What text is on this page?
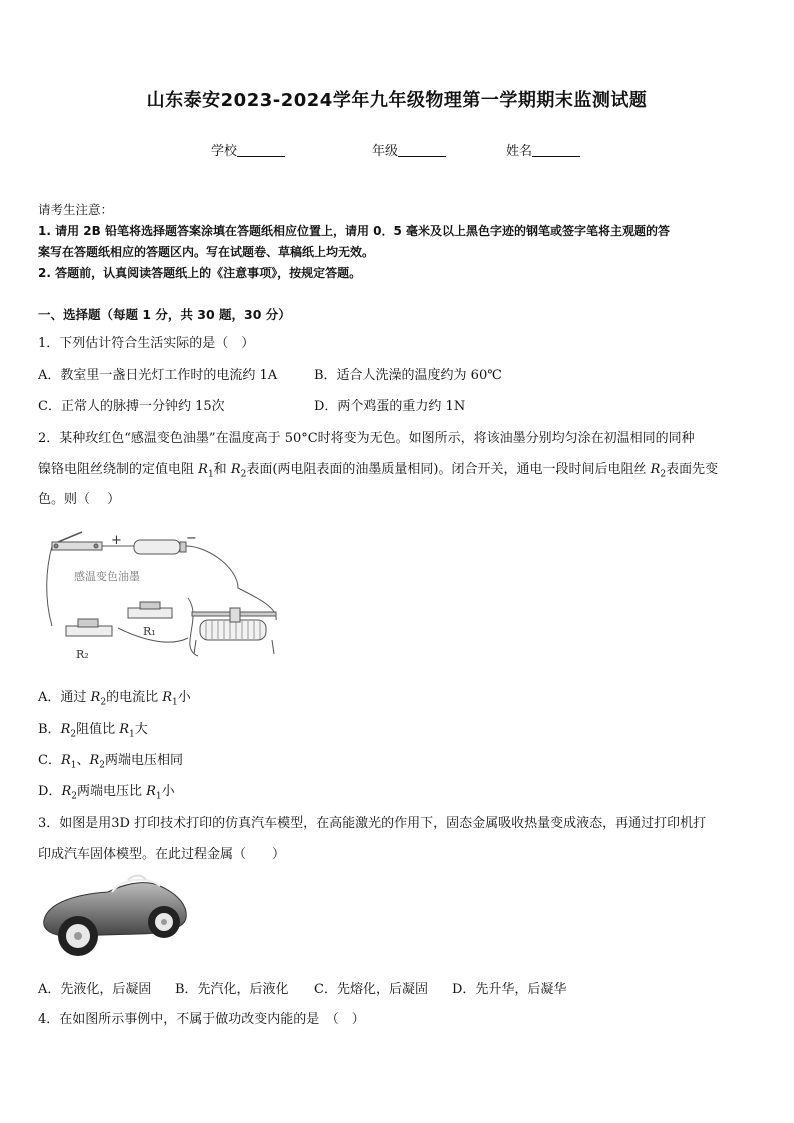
山东泰安2023-2024学年九年级物理第一学期期末监测试题
学校	年级	姓名
请考生注意：
1. 请用 2B 铅笔将选择题答案涂填在答题纸相应位置上，请用 0．5 毫米及以上黑色字迹的钢笔或签字笔将主观题的答
案写在答题纸相应的答题区内。写在试题卷、草稿纸上均无效。
2. 答题前，认真阅读答题纸上的《注意事项》，按规定答题。
一、选择题（每题 1 分，共 30 题，30 分）
1．下列估计符合生活实际的是（　）
A．教室里一盏日光灯工作时的电流约 1A	B．适合人洗澡的温度约为 60℃
C．正常人的脉搏一分钟约 15次	D．两个鸡蛋的重力约 1N
2．某种玫红色“感温变色油墨”在温度高于 50°C时将变为无色。如图所示，将该油墨分别均匀涂在初温相同的同种
镍铬电阻丝绕制的定值电阻 $R_1$和 $R_2$表面(两电阻表面的油墨质量相同)。闭合开关，通电一段时间后电阻丝 $R_2$表面先变
色。则（　 ）
+	−
感温变色油墨
R₁
R₂
A．通过 $R_2$的电流比 $R_1$小
B．$R_2$阻值比 $R_1$大
C．$R_1$、$R_2$两端电压相同
D．$R_2$两端电压比 $R_1$小
3．如图是用3D 打印技术打印的仿真汽车模型，在高能激光的作用下，固态金属吸收热量变成液态，再通过打印机打
印成汽车固体模型。在此过程金属（　　）
A．先液化，后凝固 B．先汽化，后液化 C．先熔化，后凝固 D．先升华，后凝华
4．在如图所示事例中，不属于做功改变内能的是　（　）
